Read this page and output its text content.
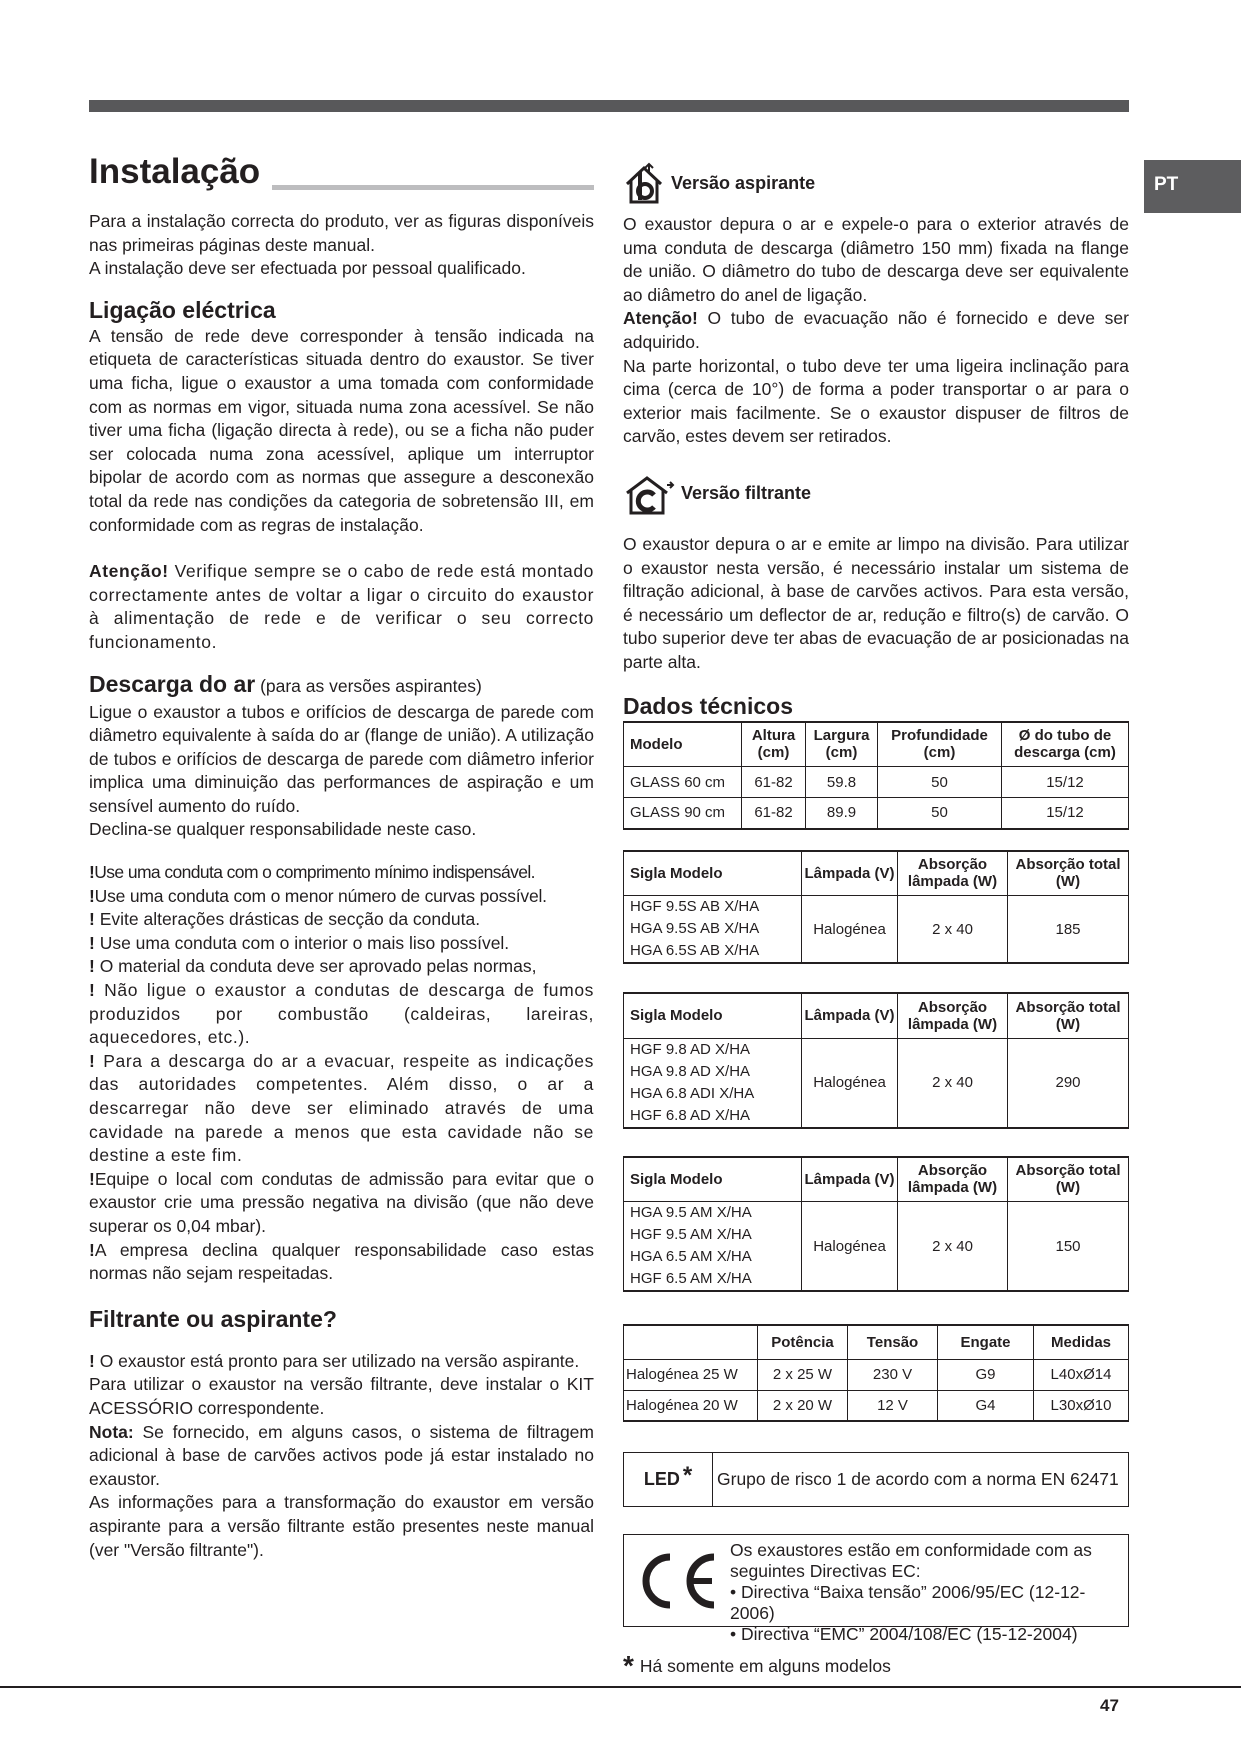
PT
Instalação

Para a instalação correcta do produto, ver as figuras disponíveis nas primeiras páginas deste manual.

A instalação deve ser efectuada por pessoal qualificado.

Ligação eléctrica

A tensão de rede deve corresponder à tensão indicada na etiqueta de características situada dentro do exaustor. Se tiver uma ficha, ligue o exaustor a uma tomada com conformidade com as normas em vigor, situada numa zona acessível. Se não tiver uma ficha (ligação directa à rede), ou se a ficha não puder ser colocada numa zona acessível, aplique um interruptor bipolar de acordo com as normas que assegure a desconexão total da rede nas condições da categoria de sobretensão III, em conformidade com as regras de instalação.

Atenção! Verifique sempre se o cabo de rede está montado correctamente antes de voltar a ligar o circuito do exaustor à alimentação de rede e de verificar o seu correcto funcionamento.

Descarga do ar (para as versões aspirantes)

Ligue o exaustor a tubos e orifícios de descarga de parede com diâmetro equivalente à saída do ar (flange de união). A utilização de tubos e orifícios de descarga de parede com diâmetro inferior implica uma diminuição das performances de aspiração e um sensível aumento do ruído.

Declina-se qualquer responsabilidade neste caso.

!Use uma conduta com o comprimento mínimo indispensável.

!Use uma conduta com o menor número de curvas possível.

! Evite alterações drásticas de secção da conduta.

! Use uma conduta com o interior o mais liso possível.

! O material da conduta deve ser aprovado pelas normas,

! Não ligue o exaustor a condutas de descarga de fumos produzidos por combustão (caldeiras, lareiras, aquecedores, etc.).

! Para a descarga do ar a evacuar, respeite as indicações das autoridades competentes. Além disso, o ar a descarregar não deve ser eliminado através de uma cavidade na parede a menos que esta cavidade não se destine a este fim.

!Equipe o local com condutas de admissão para evitar que o exaustor crie uma pressão negativa na divisão (que não deve superar os 0,04 mbar).

!A empresa declina qualquer responsabilidade caso estas normas não sejam respeitadas.

Filtrante ou aspirante?

! O exaustor está pronto para ser utilizado na versão aspirante.

Para utilizar o exaustor na versão filtrante, deve instalar o KIT ACESSÓRIO correspondente.

Nota: Se fornecido, em alguns casos, o sistema de filtragem adicional à base de carvões activos pode já estar instalado no exaustor.

As informações para a transformação do exaustor em versão aspirante para a versão filtrante estão presentes neste manual (ver "Versão filtrante").

Versão aspirante

O exaustor depura o ar e expele-o para o exterior através de uma conduta de descarga (diâmetro 150 mm) fixada na flange de união. O diâmetro do tubo de descarga deve ser equivalente ao diâmetro do anel de ligação.

Atenção! O tubo de evacuação não é fornecido e deve ser adquirido.

Na parte horizontal, o tubo deve ter uma ligeira inclinação para cima (cerca de 10°) de forma a poder transportar o ar para o exterior mais facilmente. Se o exaustor dispuser de filtros de carvão, estes devem ser retirados.

Versão filtrante

O exaustor depura o ar e emite ar limpo na divisão. Para utilizar o exaustor nesta versão, é necessário instalar um sistema de filtração adicional, à base de carvões activos. Para esta versão, é necessário um deflector de ar, redução e filtro(s) de carvão. O tubo superior deve ter abas de evacuação de ar posicionadas na parte alta.

Dados técnicos
Modelo	Altura (cm)	Largura (cm)	Profundidade (cm)	Ø do tubo de descarga (cm)
GLASS 60 cm	61-82	59.8	50	15/12
GLASS 90 cm	61-82	89.9	50	15/12
Sigla Modelo	Lâmpada (V)	Absorção lâmpada (W)	Absorção total (W)

HGF 9.5S AB X/HA
HGA 9.5S AB X/HA
HGA 6.5S AB X/HA	Halogénea	2 x 40	185
Sigla Modelo	Lâmpada (V)	Absorção lâmpada (W)	Absorção total (W)

HGF 9.8 AD X/HA
HGA 9.8 AD X/HA
HGA 6.8 ADI X/HA
HGF 6.8 AD X/HA	Halogénea	2 x 40	290
Sigla Modelo	Lâmpada (V)	Absorção lâmpada (W)	Absorção total (W)

HGA 9.5 AM X/HA
HGF 9.5 AM X/HA
HGA 6.5 AM X/HA
HGF 6.5 AM X/HA	Halogénea	2 x 40	150
	Potência	Tensão	Engate	Medidas
Halogénea 25 W	2 x 25 W	230 V	G9	L40xØ14
Halogénea 20 W	2 x 20 W	12 V	G4	L30xØ10
LED* Grupo de risco 1 de acordo com a norma EN 62471
Os exaustores estão em conformidade com as seguintes Directivas EC:
• Directiva “Baixa tensão” 2006/95/EC (12-12-2006)
• Directiva “EMC” 2004/108/EC (15-12-2004)
* Há somente em alguns modelos
47
